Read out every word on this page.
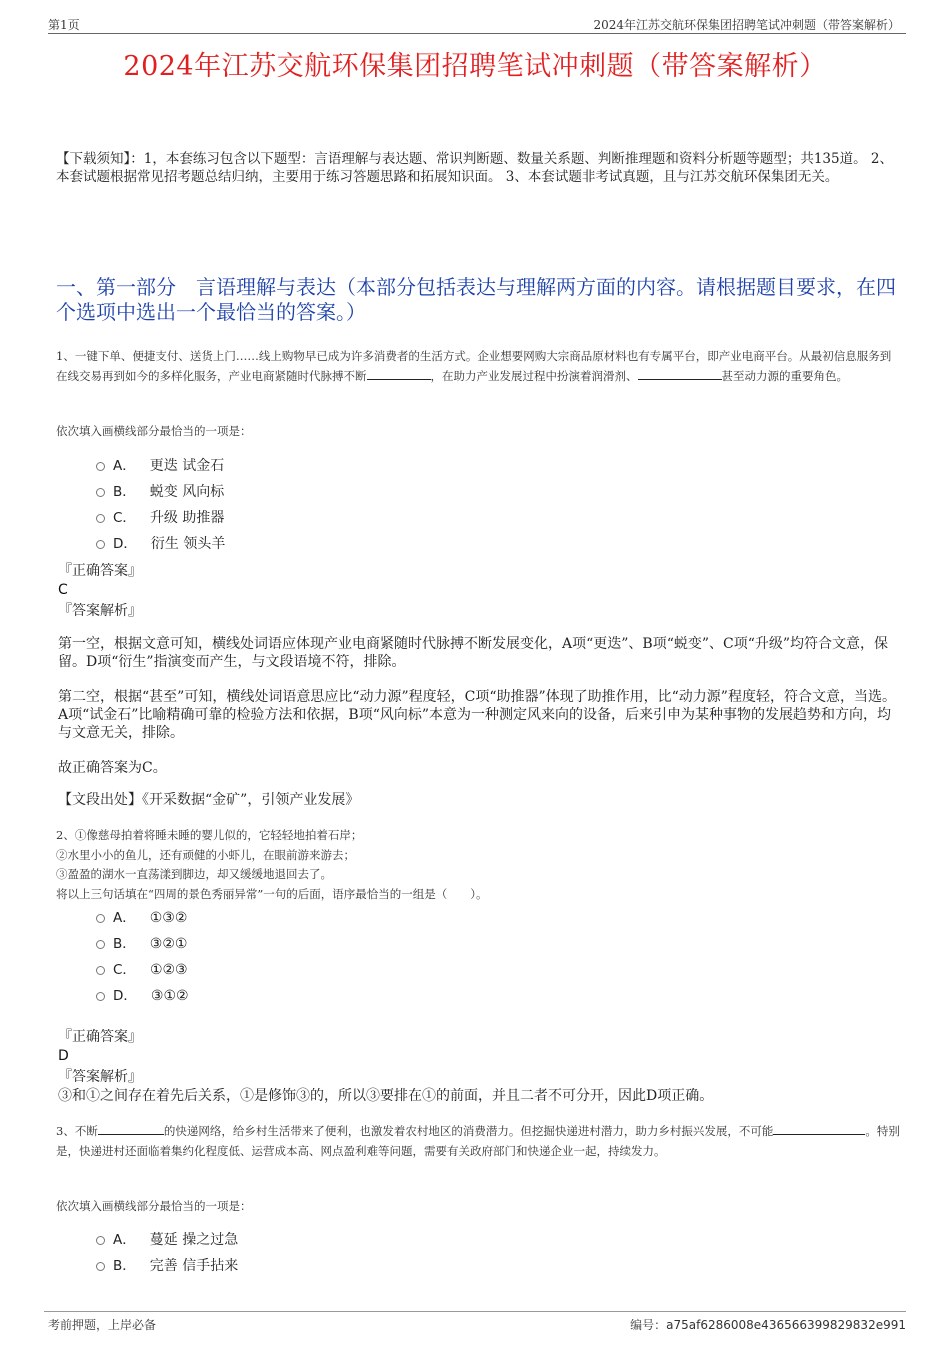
第1页	2024年江苏交航环保集团招聘笔试冲刺题（带答案解析）
2024年江苏交航环保集团招聘笔试冲刺题（带答案解析）
【下载须知】：1，本套练习包含以下题型：言语理解与表达题、常识判断题、数量关系题、判断推理题和资料分析题等题型；共135道。 2、本套试题根据常见招考题总结归纳，主要用于练习答题思路和拓展知识面。 3、本套试题非考试真题，且与江苏交航环保集团无关。
一、第一部分　言语理解与表达（本部分包括表达与理解两方面的内容。请根据题目要求，在四个选项中选出一个最恰当的答案。）
1、一键下单、便捷支付、送货上门……线上购物早已成为许多消费者的生活方式。企业想要网购大宗商品原材料也有专属平台，即产业电商平台。从最初信息服务到在线交易再到如今的多样化服务，产业电商紧随时代脉搏不断	，在助力产业发展过程中扮演着润滑剂、	甚至动力源的重要角色。
依次填入画横线部分最恰当的一项是：
A． 更迭 试金石
B． 蜕变 风向标
C． 升级 助推器
D． 衍生 领头羊
『正确答案』
C
『答案解析』
第一空，根据文意可知，横线处词语应体现产业电商紧随时代脉搏不断发展变化，A项“更迭”、B项“蜕变”、C项“升级”均符合文意，保留。D项“衍生”指演变而产生，与文段语境不符，排除。
第二空，根据“甚至”可知，横线处词语意思应比“动力源”程度轻，C项“助推器”体现了助推作用，比“动力源”程度轻，符合文意，当选。A项“试金石”比喻精确可靠的检验方法和依据，B项“风向标”本意为一种测定风来向的设备，后来引申为某种事物的发展趋势和方向，均与文意无关，排除。
故正确答案为C。
【文段出处】《开采数据“金矿”，引领产业发展》
2、①像慈母拍着将睡未睡的婴儿似的，它轻轻地拍着石岸；
②水里小小的鱼儿，还有顽健的小虾儿，在眼前游来游去；
③盈盈的湖水一直荡漾到脚边，却又缓缓地退回去了。
将以上三句话填在“四周的景色秀丽异常”一句的后面，语序最恰当的一组是（　　）。
A． ①③②
B． ③②①
C． ①②③
D． ③①②
『正确答案』
D
『答案解析』
③和①之间存在着先后关系，①是修饰③的，所以③要排在①的前面，并且二者不可分开，因此D项正确。
3、不断	的快递网络，给乡村生活带来了便利，也激发着农村地区的消费潜力。但挖掘快递进村潜力，助力乡村振兴发展，不可能	。特别是，快递进村还面临着集约化程度低、运营成本高、网点盈利难等问题，需要有关政府部门和快递企业一起，持续发力。
依次填入画横线部分最恰当的一项是：
A． 蔓延 操之过急
B． 完善 信手拈来
考前押题，上岸必备	编号：a75af6286008e436566399829832e991
